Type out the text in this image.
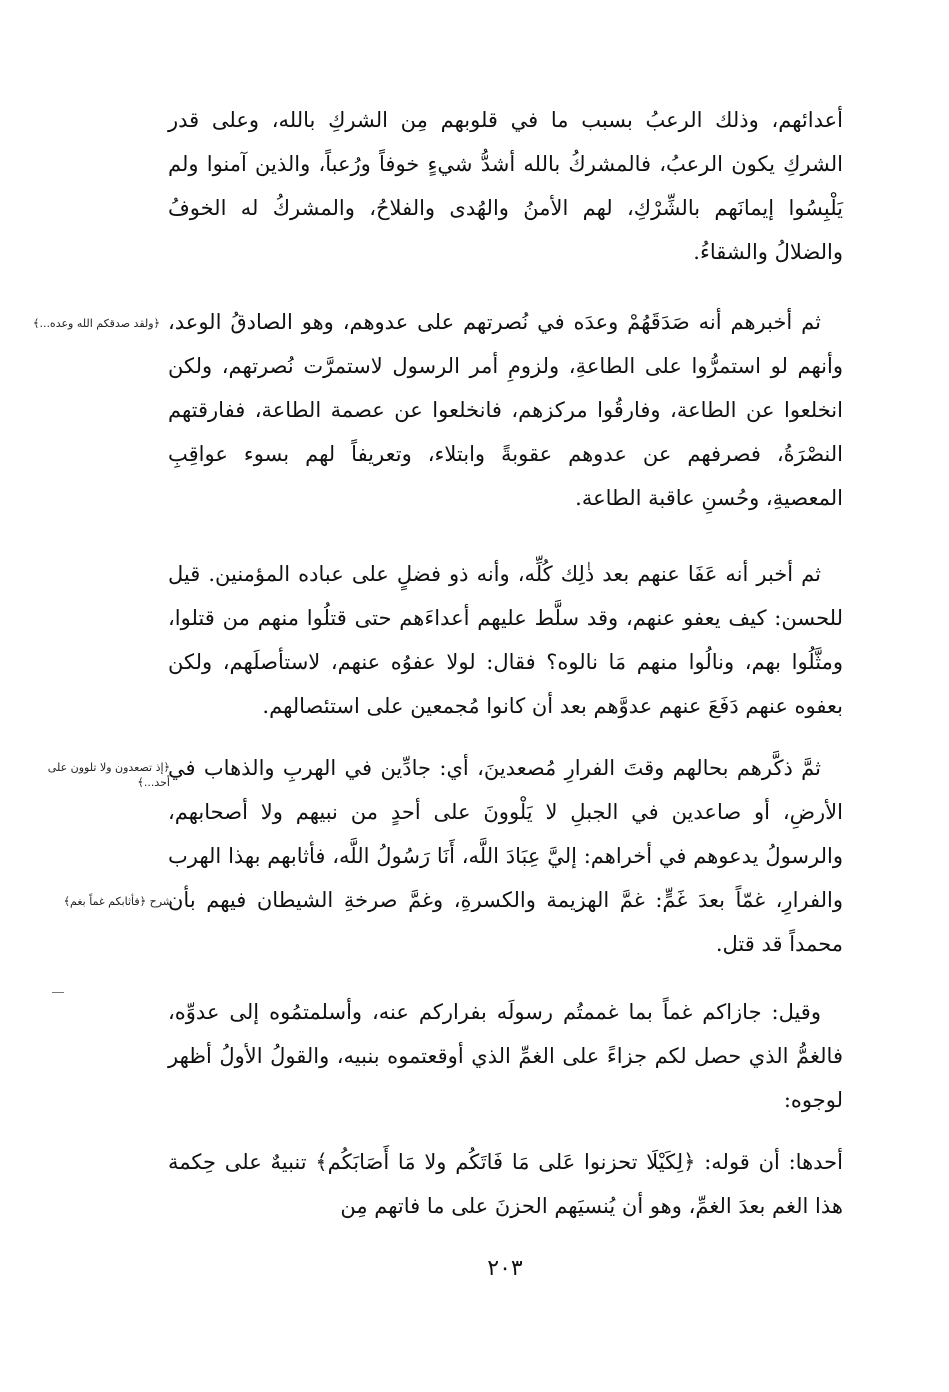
أعدائهم، وذلك الرعبُ بسبب ما في قلوبهم مِن الشركِ بالله، وعلى قدر الشركِ يكون الرعبُ، فالمشركُ بالله أشدُّ شيءٍ خوفاً ورُعباً، والذين آمنوا ولم يَلْبِسُوا إيمانَهم بالشِّرْكِ، لهم الأمنُ والهُدى والفلاحُ، والمشركُ له الخوفُ والضلالُ والشقاءُ.

ثم أخبرهم أنه صَدَقَهُمْ وعدَه في نُصرتهم على عدوهم، وهو الصادقُ الوعد، وأنهم لو استمرُّوا على الطاعةِ، ولزومِ أمر الرسول لاستمرَّت نُصرتهم، ولكن انخلعوا عن الطاعة، وفارقُوا مركزهم، فانخلعوا عن عصمة الطاعة، ففارقتهم النصْرَةُ، فصرفهم عن عدوهم عقوبةً وابتلاء، وتعريفاً لهم بسوء عواقِبِ المعصيةِ، وحُسنِ عاقبة الطاعة.

ثم أخبر أنه عَفَا عنهم بعد ذٰلِك كُلِّه، وأنه ذو فضلٍ على عباده المؤمنين. قيل للحسن: كيف يعفو عنهم، وقد سلَّط عليهم أعداءَهم حتى قتلُوا منهم من قتلوا، ومثَّلُوا بهم، ونالُوا منهم مَا نالوه؟ فقال: لولا عفوُه عنهم، لاستأصلَهم، ولكن بعفوه عنهم دَفَعَ عنهم عدوَّهم بعد أن كانوا مُجمعين على استئصالهم.

ثمَّ ذكَّرهم بحالهم وقتَ الفرارِ مُصعدينَ، أي: جادِّين في الهربِ والذهاب في الأرضِ، أو صاعدين في الجبلِ لا يَلْوونَ على أحدٍ من نبيهم ولا أصحابهم، والرسولُ يدعوهم في أخراهم: إليَّ عِبَادَ اللَّه، أَنَا رَسُولُ اللَّه، فأثابهم بهذا الهرب والفرارِ، غمّاً بعدَ غَمٍّ: غمَّ الهزيمة والكسرةِ، وغمَّ صرخةِ الشيطان فيهم بأن محمداً قد قتل.

وقيل: جازاكم غماً بما غممتُم رسولَه بفراركم عنه، وأسلمتمُوه إلى عدوِّه، فالغمُّ الذي حصل لكم جزاءً على الغمِّ الذي أوقعتموه بنبيه، والقولُ الأولُ أظهر لوجوه:

أحدها: أن قوله: ﴿لِكَيْلَا تحزنوا عَلى مَا فَاتَكُم ولا مَا أَصَابَكُم﴾ تنبيهٌ على حِكمة هذا الغم بعدَ الغمِّ، وهو أن يُنسيَهم الحزنَ على ما فاتهم مِن

﴿ولقد صدقكم الله وعده...﴾
﴿إذ تصعدون ولا تلوون على أحد...﴾
شرح ﴿فأثابكم غماً بغم﴾
٢٠٣
